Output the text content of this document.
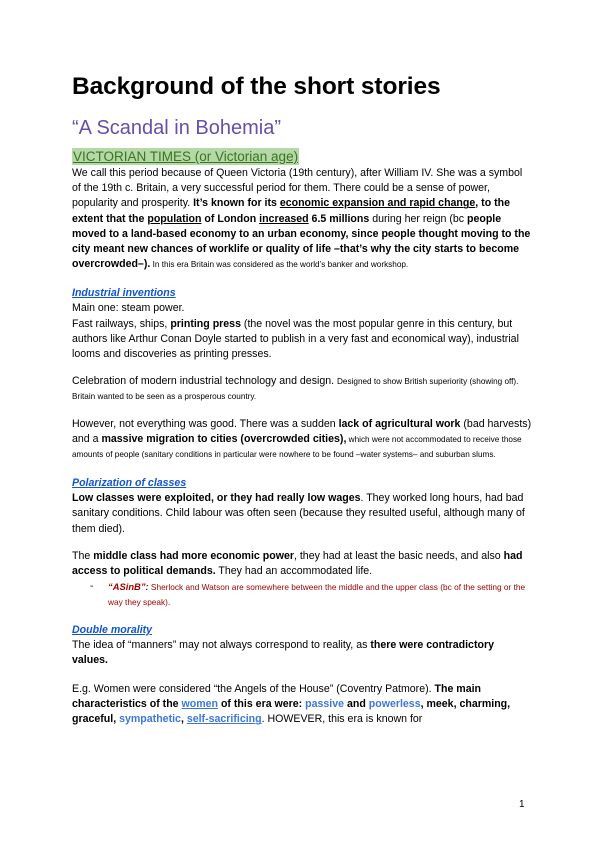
Background of the short stories
“A Scandal in Bohemia”
VICTORIAN TIMES (or Victorian age)

We call this period because of Queen Victoria (19th century), after William IV. She was a symbol of the 19th c. Britain, a very successful period for them. There could be a sense of power, popularity and prosperity. It’s known for its economic expansion and rapid change, to the extent that the population of London increased 6.5 millions during her reign (bc people moved to a land-based economy to an urban economy, since people thought moving to the city meant new chances of worklife or quality of life –that’s why the city starts to become overcrowded–). In this era Britain was considered as the world’s banker and workshop.

Industrial inventions

Main one: steam power.

Fast railways, ships, printing press (the novel was the most popular genre in this century, but authors like Arthur Conan Doyle started to publish in a very fast and economical way), industrial looms and discoveries as printing presses.

Celebration of modern industrial technology and design. Designed to show British superiority (showing off). Britain wanted to be seen as a prosperous country.

However, not everything was good. There was a sudden lack of agricultural work (bad harvests) and a massive migration to cities (overcrowded cities), which were not accommodated to receive those amounts of people (sanitary conditions in particular were nowhere to be found –water systems– and suburban slums.

Polarization of classes

Low classes were exploited, or they had really low wages. They worked long hours, had bad sanitary conditions. Child labour was often seen (because they resulted useful, although many of them died).

The middle class had more economic power, they had at least the basic needs, and also had access to political demands. They had an accommodated life.

- “ASinB”: Sherlock and Watson are somewhere between the middle and the upper class (bc of the setting or the way they speak).

Double morality

The idea of “manners” may not always correspond to reality, as there were contradictory values.

E.g. Women were considered “the Angels of the House” (Coventry Patmore). The main characteristics of the women of this era were: passive and powerless, meek, charming, graceful, sympathetic, self-sacrificing. HOWEVER, this era is known for

1
